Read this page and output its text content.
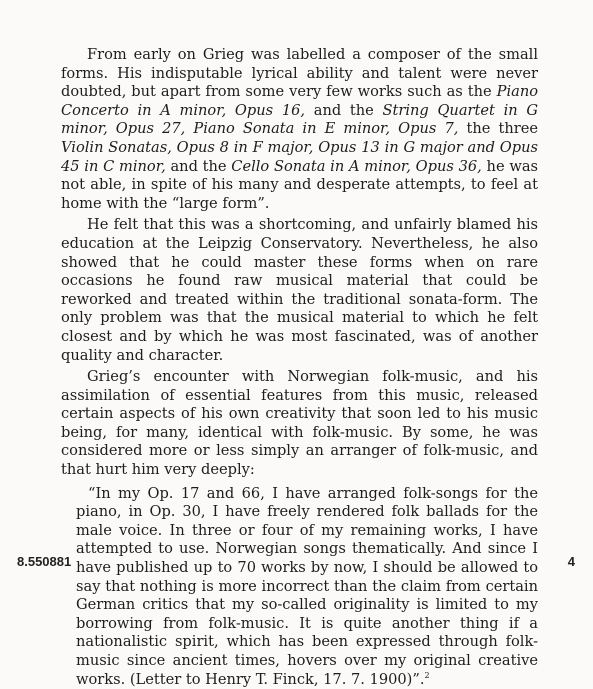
From early on Grieg was labelled a composer of the small forms. His indisputable lyrical ability and talent were never doubted, but apart from some very few works such as the Piano Concerto in A minor, Opus 16, and the String Quartet in G minor, Opus 27, Piano Sonata in E minor, Opus 7, the three Violin Sonatas, Opus 8 in F major, Opus 13 in G major and Opus 45 in C minor, and the Cello Sonata in A minor, Opus 36, he was not able, in spite of his many and desperate attempts, to feel at home with the “large form”.

He felt that this was a shortcoming, and unfairly blamed his education at the Leipzig Conservatory. Nevertheless, he also showed that he could master these forms when on rare occasions he found raw musical material that could be reworked and treated within the traditional sonata-form. The only problem was that the musical material to which he felt closest and by which he was most fascinated, was of another quality and character.

Grieg’s encounter with Norwegian folk-music, and his assimilation of essential features from this music, released certain aspects of his own creativity that soon led to his music being, for many, identical with folk-music. By some, he was considered more or less simply an arranger of folk-music, and that hurt him very deeply:

“In my Op. 17 and 66, I have arranged folk-songs for the piano, in Op. 30, I have freely rendered folk ballads for the male voice. In three or four of my remaining works, I have attempted to use. Norwegian songs thematically. And since I have published up to 70 works by now, I should be allowed to say that nothing is more incorrect than the claim from certain German critics that my so-called originality is limited to my borrowing from folk-music. It is quite another thing if a nationalistic spirit, which has been expressed through folk-music since ancient times, hovers over my original creative works. (Letter to Henry T. Finck, 17. 7. 1900)”.$^2$

8.550881	4
